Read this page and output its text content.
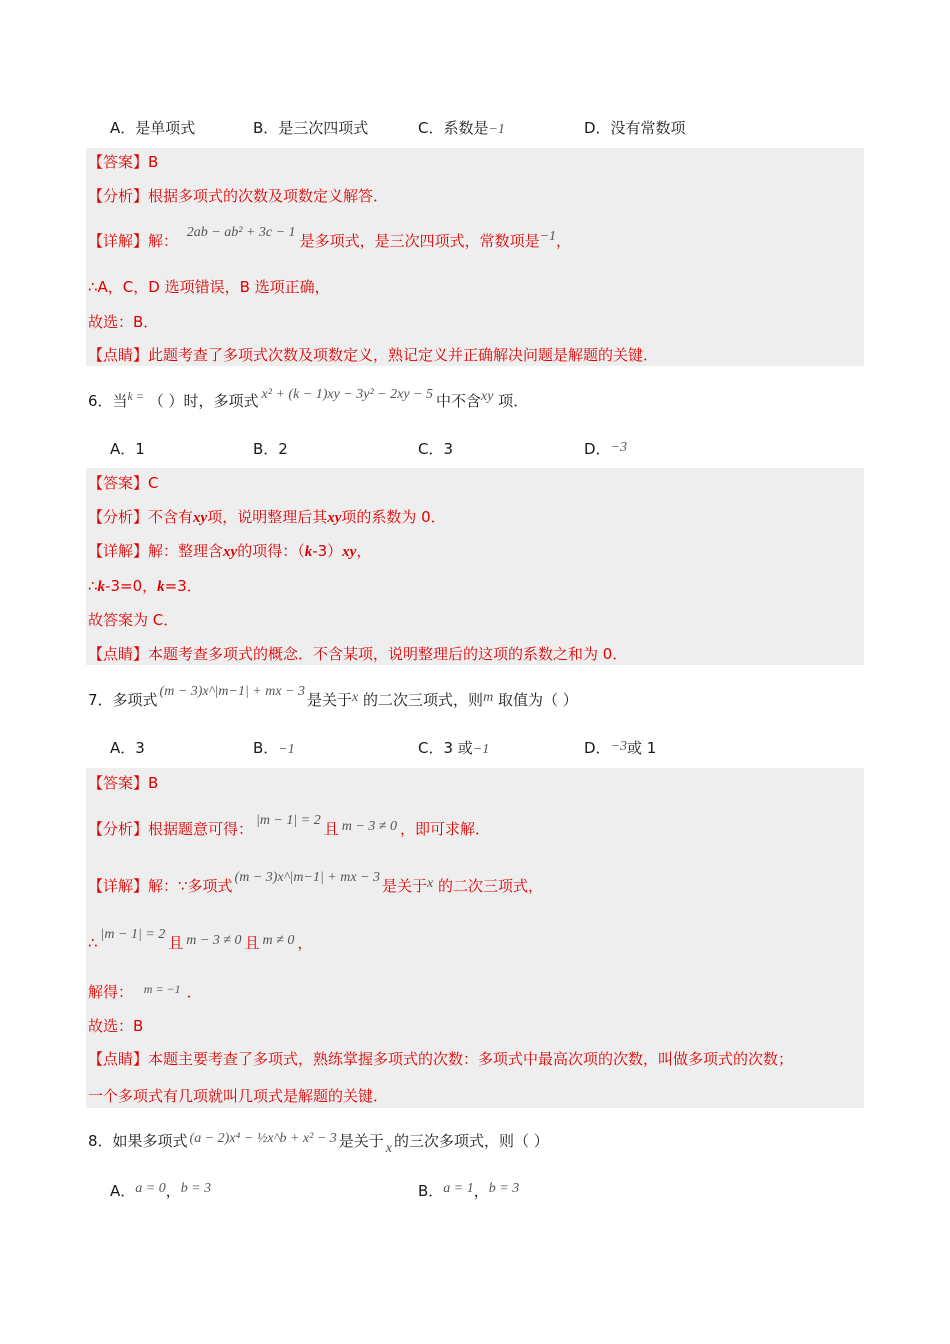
A．是单项式	B．是三次四项式	C．系数是−1	D．没有常数项
【答案】B
【分析】根据多项式的次数及项数定义解答．
【详解】解： 2ab − ab² + 3c − 1 是多项式，是三次四项式，常数项是−1，
∴A，C，D 选项错误，B 选项正确，
故选：B．
【点睛】此题考查了多项式次数及项数定义，熟记定义并正确解决问题是解题的关键．
6．当$^{k =}$ （ ）时，多项式 x² + (k − 1)xy − 3y² − 2xy − 5 中不含xy 项．
A．1	B．2	C．3	D．−3
【答案】C
【分析】不含有xy项，说明整理后其xy项的系数为 0．
【详解】解：整理含xy的项得：（k-3）xy，
∴k-3=0，k=3．
故答案为 C．
【点睛】本题考查多项式的概念．不含某项，说明整理后的这项的系数之和为 0．
7．多项式 (m − 3)x^|m−1| + mx − 3 是关于x 的二次三项式，则m 取值为（ ）
A．3	B．−1	C．3 或−1	D．−3或 1
【答案】B
【分析】根据题意可得： |m − 1| = 2 且 m − 3 ≠ 0 ，即可求解．
【详解】解：∵多项式 (m − 3)x^|m−1| + mx − 3 是关于x 的二次三项式，
∴ |m − 1| = 2 且 m − 3 ≠ 0 且 m ≠ 0 ，
解得： $^{m = -1}$ ．
故选：B
【点睛】本题主要考查了多项式，熟练掌握多项式的次数：多项式中最高次项的次数，叫做多项式的次数；
一个多项式有几项就叫几项式是解题的关键．
8．如果多项式 (a − 2)x⁴ − ½x^b + x² − 3 是关于 x 的三次多项式，则（ ）
A．a = 0，b = 3	B．a = 1，b = 3
